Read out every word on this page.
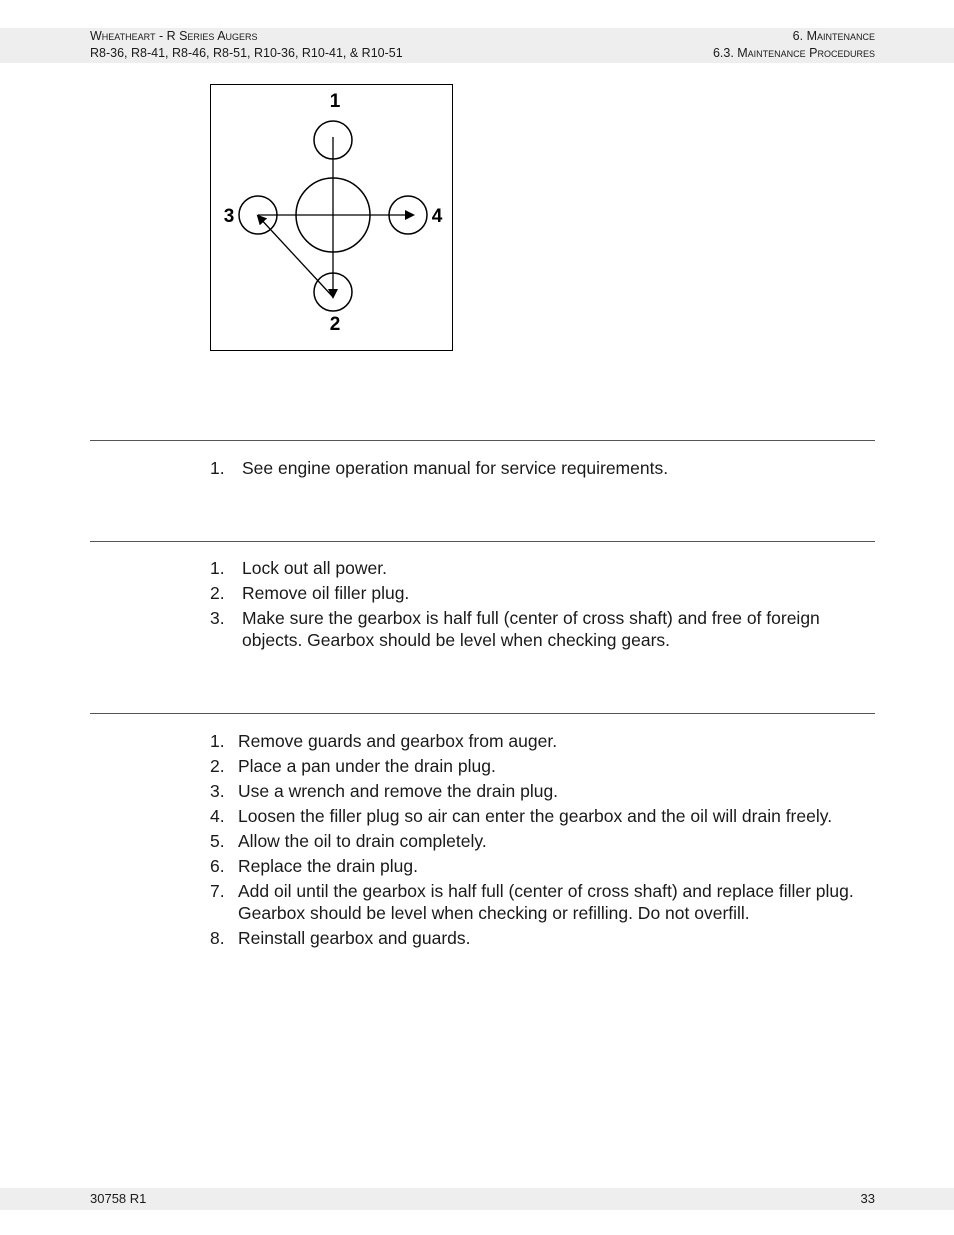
Wheatheart - R Series Augers
R8-36, R8-41, R8-46, R8-51, R10-36, R10-41, & R10-51
6. Maintenance
6.3. Maintenance Procedures
1
2
3	4
1. See engine operation manual for service requirements.
1. Lock out all power.
2. Remove oil filler plug.
3. Make sure the gearbox is half full (center of cross shaft) and free of foreign objects. Gearbox should be level when checking gears.
1. Remove guards and gearbox from auger.
2. Place a pan under the drain plug.
3. Use a wrench and remove the drain plug.
4. Loosen the filler plug so air can enter the gearbox and the oil will drain freely.
5. Allow the oil to drain completely.
6. Replace the drain plug.
7. Add oil until the gearbox is half full (center of cross shaft) and replace filler plug. Gearbox should be level when checking or refilling. Do not overfill.
8. Reinstall gearbox and guards.
30758 R1	33
